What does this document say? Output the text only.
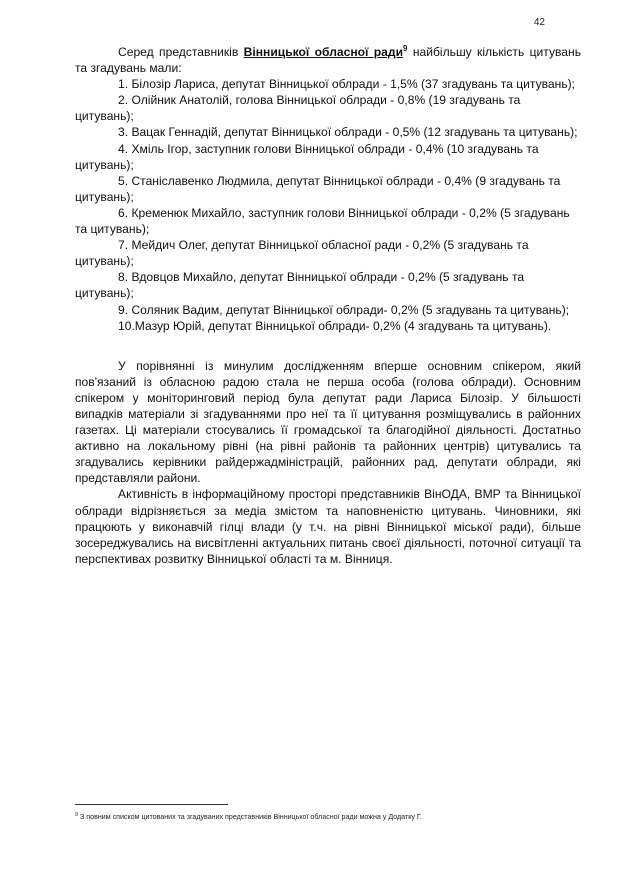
42

Серед представників Вінницької обласної ради$^9$ найбільшу кількість цитувань та згадувань мали:

1. Білозір Лариса, депутат Вінницької облради - 1,5% (37 згадувань та цитувань);

2. Олійник Анатолій, голова Вінницької облради - 0,8% (19 згадувань та цитувань);

3. Вацак Геннадій, депутат Вінницької облради - 0,5% (12 згадувань та цитувань);

4. Хміль Ігор, заступник голови Вінницької облради - 0,4% (10 згадувань та цитувань);

5. Станіславенко Людмила, депутат Вінницької облради - 0,4% (9 згадувань та цитувань);

6. Кременюк Михайло, заступник голови Вінницької облради - 0,2% (5 згадувань та цитувань);

7. Мейдич Олег, депутат Вінницької обласної ради - 0,2% (5 згадувань та цитувань);

8. Вдовцов Михайло, депутат Вінницької облради - 0,2% (5 згадувань та цитувань);

9. Соляник Вадим, депутат Вінницької облради- 0,2% (5 згадувань та цитувань);

10.Мазур Юрій, депутат Вінницької облради- 0,2% (4 згадувань та цитувань).

У порівнянні із минулим дослідженням вперше основним спікером, який пов'язаний із обласною радою стала не перша особа (голова облради). Основним спікером у моніторинговий період була депутат ради Лариса Білозір. У більшості випадків матеріали зі згадуваннями про неї та її цитування розміщувались в районних газетах. Ці матеріали стосувались її громадської та благодійної діяльності. Достатньо активно на локальному рівні (на рівні районів та районних центрів) цитувались та згадувались керівники райдержадміністрацій, районних рад, депутати облради, які представляли райони.

Активність в інформаційному просторі представників ВінОДА, ВМР та Вінницької облради відрізняється за медіа змістом та наповненістю цитувань. Чиновники, які працюють у виконавчій гілці влади (у т.ч. на рівні Вінницької міської ради), більше зосереджувались на висвітленні актуальних питань своєї діяльності, поточної ситуації та перспективах розвитку Вінницької області та м. Вінниця.

$^9$ З повним списком цитованих та згадуваних представників Вінницької обласної ради можна у Додатку Г.
